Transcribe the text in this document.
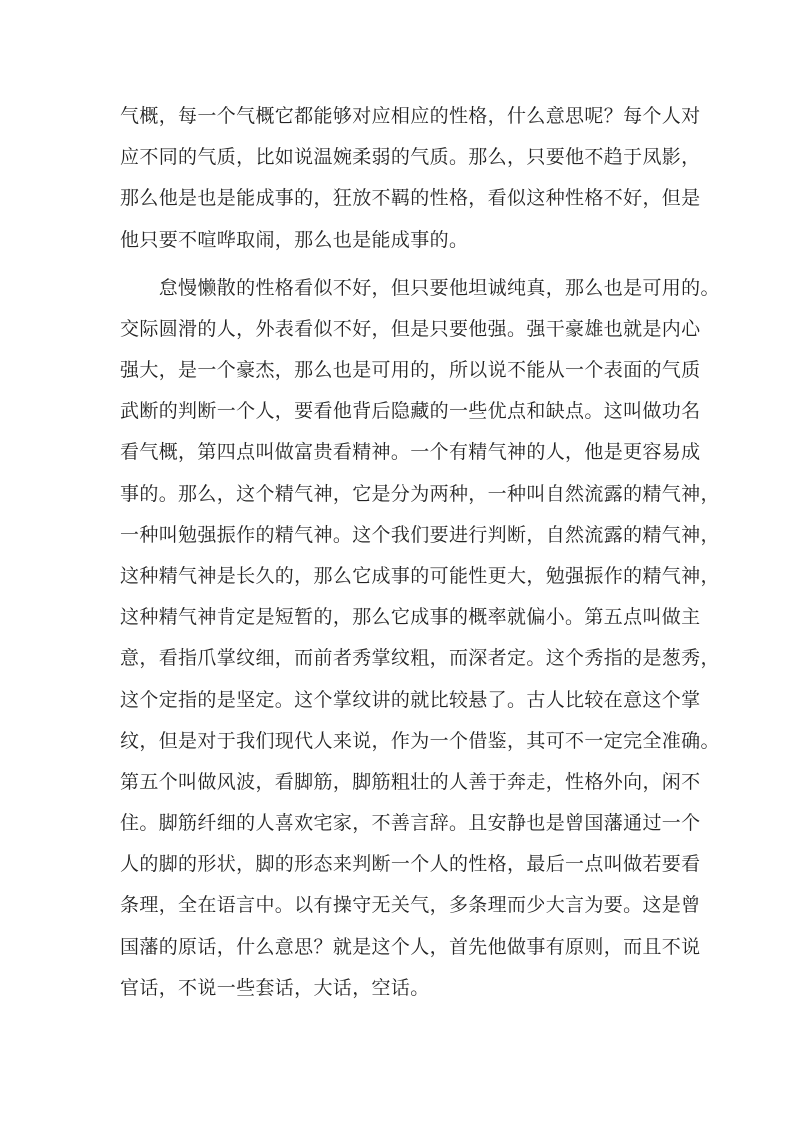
气概，每一个气概它都能够对应相应的性格，什么意思呢？每个人对
应不同的气质，比如说温婉柔弱的气质。那么，只要他不趋于凤影，
那么他是也是能成事的，狂放不羁的性格，看似这种性格不好，但是
他只要不喧哗取闹，那么也是能成事的。
　　怠慢懒散的性格看似不好，但只要他坦诚纯真，那么也是可用的。
交际圆滑的人，外表看似不好，但是只要他强。强干豪雄也就是内心
强大，是一个豪杰，那么也是可用的，所以说不能从一个表面的气质
武断的判断一个人，要看他背后隐藏的一些优点和缺点。这叫做功名
看气概，第四点叫做富贵看精神。一个有精气神的人，他是更容易成
事的。那么，这个精气神，它是分为两种，一种叫自然流露的精气神，
一种叫勉强振作的精气神。这个我们要进行判断，自然流露的精气神，
这种精气神是长久的，那么它成事的可能性更大，勉强振作的精气神，
这种精气神肯定是短暂的，那么它成事的概率就偏小。第五点叫做主
意，看指爪掌纹细，而前者秀掌纹粗，而深者定。这个秀指的是葱秀，
这个定指的是坚定。这个掌纹讲的就比较悬了。古人比较在意这个掌
纹，但是对于我们现代人来说，作为一个借鉴，其可不一定完全准确。
第五个叫做风波，看脚筋，脚筋粗壮的人善于奔走，性格外向，闲不
住。脚筋纤细的人喜欢宅家，不善言辞。且安静也是曾国藩通过一个
人的脚的形状，脚的形态来判断一个人的性格，最后一点叫做若要看
条理，全在语言中。以有操守无关气，多条理而少大言为要。这是曾
国藩的原话，什么意思？就是这个人，首先他做事有原则，而且不说
官话，不说一些套话，大话，空话。
